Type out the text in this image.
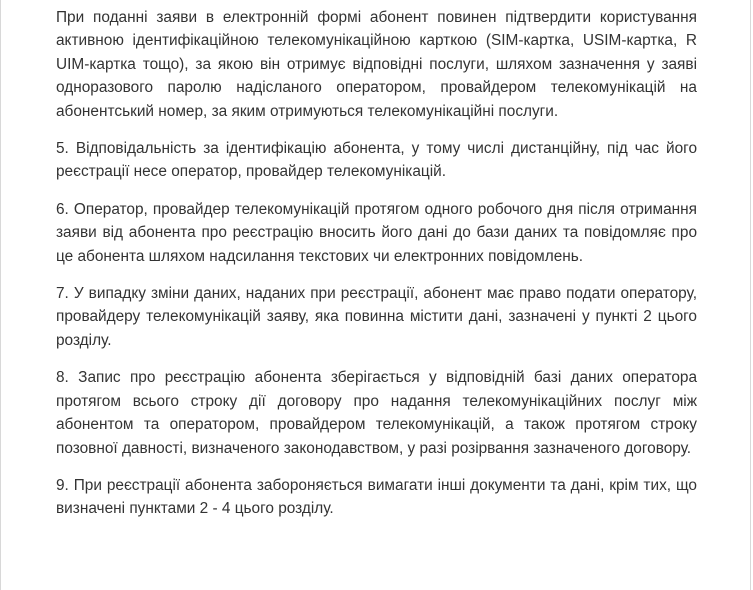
При поданні заяви в електронній формі абонент повинен підтвердити користування активною ідентифікаційною телекомунікаційною карткою (SIM-картка, USIM-картка, R UIM-картка тощо), за якою він отримує відповідні послуги, шляхом зазначення у заяві одноразового паролю надісланого оператором, провайдером телекомунікацій на абонентський номер, за яким отримуються телекомунікаційні послуги.

5. Відповідальність за ідентифікацію абонента, у тому числі дистанційну, під час його реєстрації несе оператор, провайдер телекомунікацій.

6. Оператор, провайдер телекомунікацій протягом одного робочого дня після отримання заяви від абонента про реєстрацію вносить його дані до бази даних та повідомляє про це абонента шляхом надсилання текстових чи електронних повідомлень.

7. У випадку зміни даних, наданих при реєстрації, абонент має право подати оператору, провайдеру телекомунікацій заяву, яка повинна містити дані, зазначені у пункті 2 цього розділу.

8. Запис про реєстрацію абонента зберігається у відповідній базі даних оператора протягом всього строку дії договору про надання телекомунікаційних послуг між абонентом та оператором, провайдером телекомунікацій, а також протягом строку позовної давності, визначеного законодавством, у разі розірвання зазначеного договору.

9. При реєстрації абонента забороняється вимагати інші документи та дані, крім тих, що визначені пунктами 2 - 4 цього розділу.
